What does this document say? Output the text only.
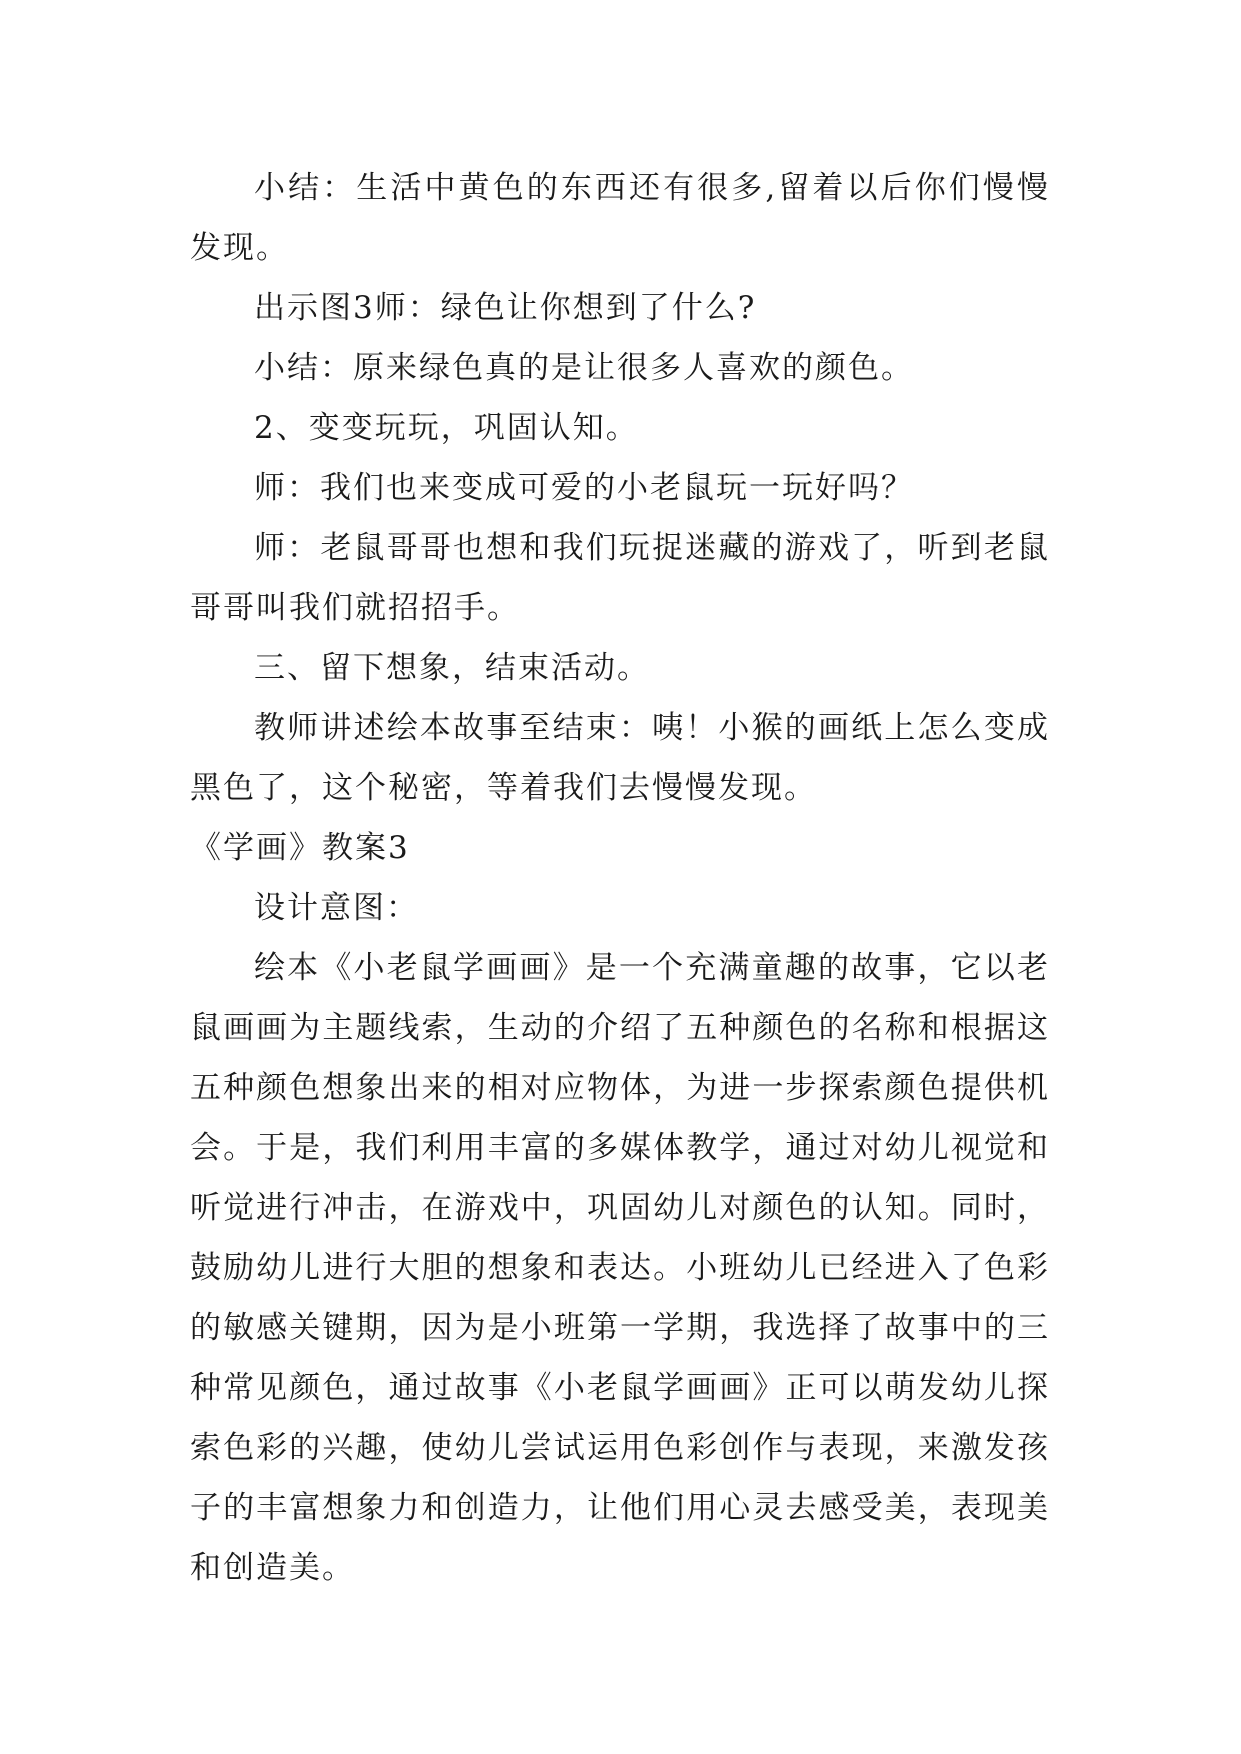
小结：生活中黄色的东西还有很多,留着以后你们慢慢发现。

出示图3师：绿色让你想到了什么?

小结：原来绿色真的是让很多人喜欢的颜色。

2、变变玩玩，巩固认知。

师：我们也来变成可爱的小老鼠玩一玩好吗？

师：老鼠哥哥也想和我们玩捉迷藏的游戏了，听到老鼠哥哥叫我们就招招手。

三、留下想象，结束活动。

教师讲述绘本故事至结束：咦！小猴的画纸上怎么变成黑色了，这个秘密，等着我们去慢慢发现。

《学画》教案3

设计意图：

绘本《小老鼠学画画》是一个充满童趣的故事，它以老鼠画画为主题线索，生动的介绍了五种颜色的名称和根据这五种颜色想象出来的相对应物体，为进一步探索颜色提供机会。于是，我们利用丰富的多媒体教学，通过对幼儿视觉和听觉进行冲击，在游戏中，巩固幼儿对颜色的认知。同时，鼓励幼儿进行大胆的想象和表达。小班幼儿已经进入了色彩的敏感关键期，因为是小班第一学期，我选择了故事中的三种常见颜色，通过故事《小老鼠学画画》正可以萌发幼儿探索色彩的兴趣，使幼儿尝试运用色彩创作与表现，来激发孩子的丰富想象力和创造力，让他们用心灵去感受美，表现美和创造美。
